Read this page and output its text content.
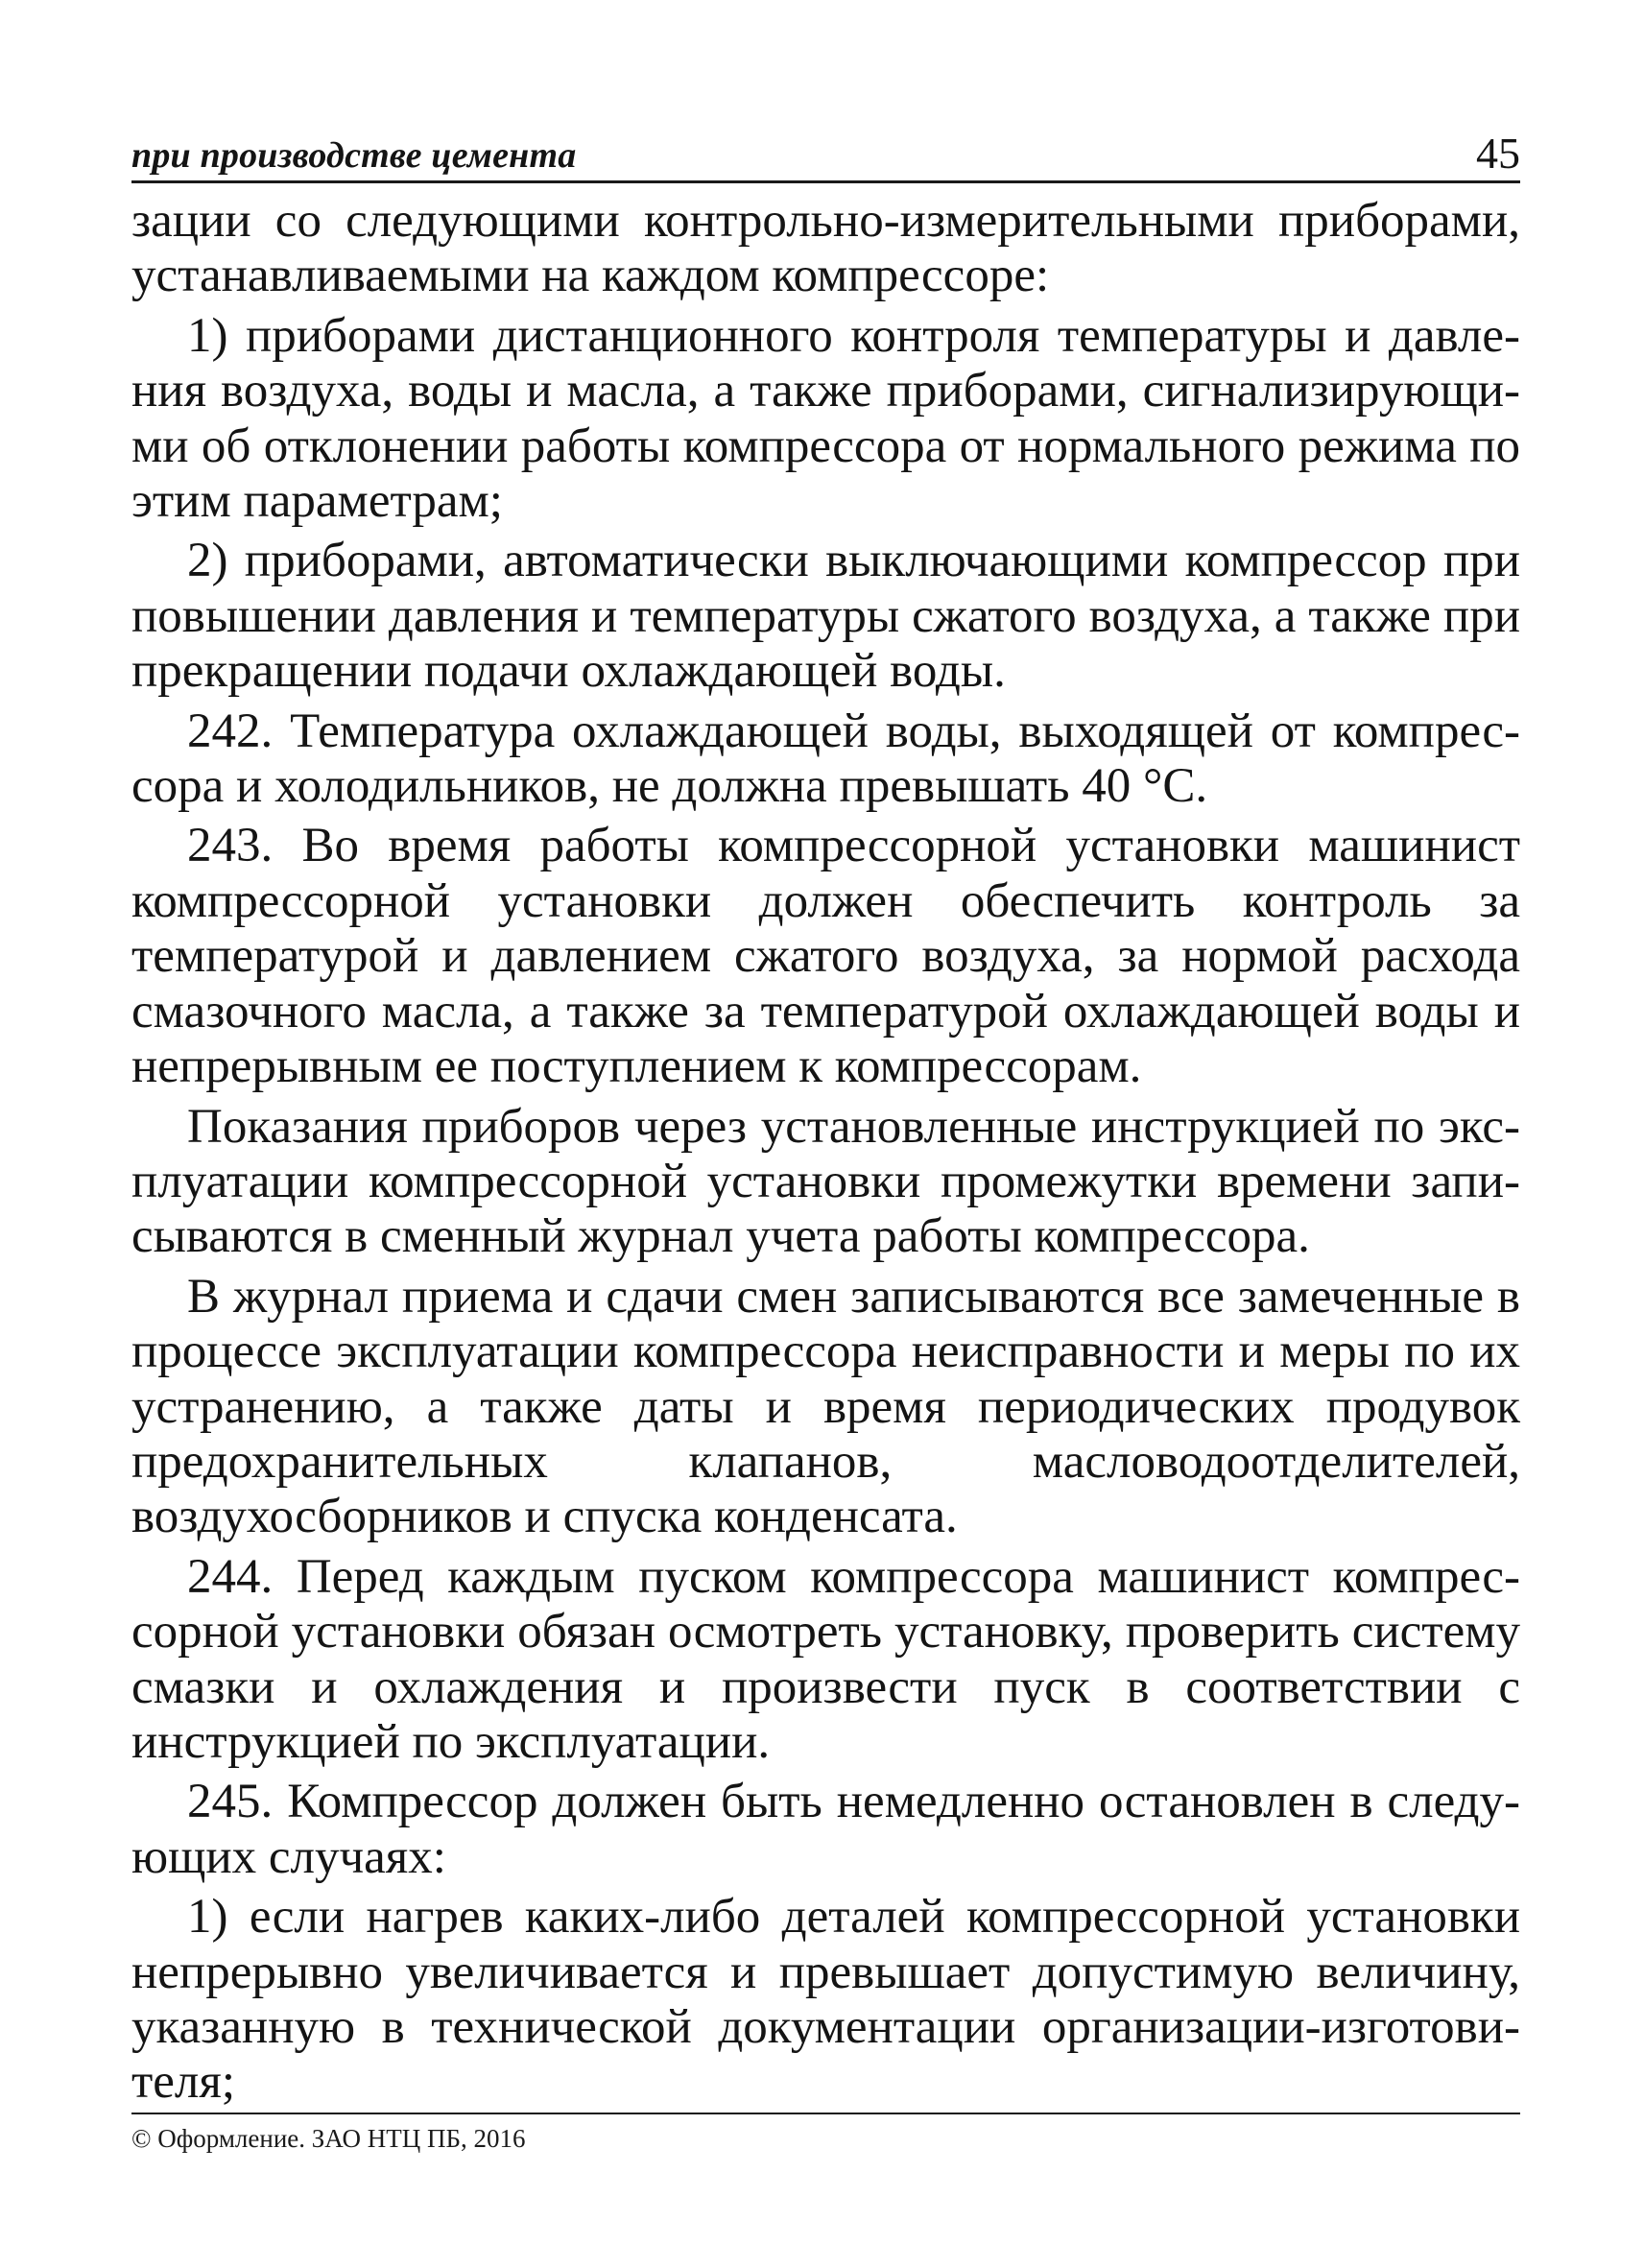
при производстве цемента	45

зации со следующими контрольно-измерительными приборами, устанавливаемыми на каждом компрессоре:

1) приборами дистанционного контроля температуры и давления воздуха, воды и масла, а также приборами, сигнализирующими об отклонении работы компрессора от нормального режима по этим параметрам;

2) приборами, автоматически выключающими компрессор при повышении давления и температуры сжатого воздуха, а также при прекращении подачи охлаждающей воды.

242. Температура охлаждающей воды, выходящей от компрессора и холодильников, не должна превышать 40 °С.

243. Во время работы компрессорной установки машинист компрессорной установки должен обеспечить контроль за температурой и давлением сжатого воздуха, за нормой расхода смазочного масла, а также за температурой охлаждающей воды и непрерывным ее поступлением к компрессорам.

Показания приборов через установленные инструкцией по эксплуатации компрессорной установки промежутки времени записываются в сменный журнал учета работы компрессора.

В журнал приема и сдачи смен записываются все замеченные в процессе эксплуатации компрессора неисправности и меры по их устранению, а также даты и время периодических продувок предохранительных клапанов, масловодоотделителей, воздухосборников и спуска конденсата.

244. Перед каждым пуском компрессора машинист компрессорной установки обязан осмотреть установку, проверить систему смазки и охлаждения и произвести пуск в соответствии с инструкцией по эксплуатации.

245. Компрессор должен быть немедленно остановлен в следующих случаях:

1) если нагрев каких-либо деталей компрессорной установки непрерывно увеличивается и превышает допустимую величину, указанную в технической документации организации-изготовителя;

© Оформление. ЗАО НТЦ ПБ, 2016
